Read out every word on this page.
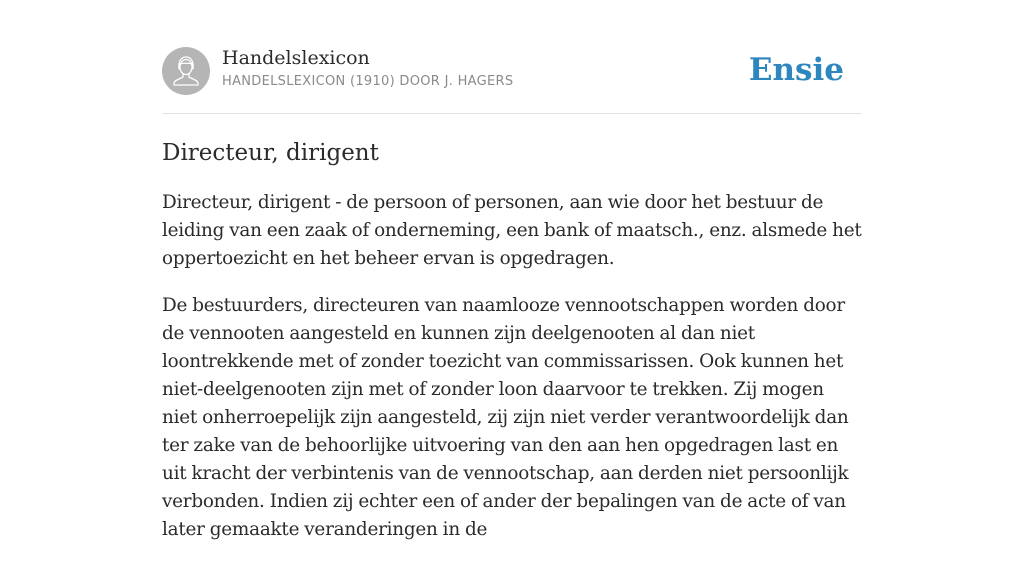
Handelslexicon
HANDELSLEXICON (1910) DOOR J. HAGERS	Ensie
Directeur, dirigent

Directeur, dirigent - de persoon of personen, aan wie door het bestuur de leiding van een zaak of onderneming, een bank of maatsch., enz. alsmede het oppertoezicht en het beheer ervan is opgedragen.

De bestuurders, directeuren van naamlooze vennootschappen worden door de vennooten aangesteld en kunnen zijn deelgenooten al dan niet loontrekkende met of zonder toezicht van commissarissen. Ook kunnen het niet-deelgenooten zijn met of zonder loon daarvoor te trekken. Zij mogen niet onherroepelijk zijn aangesteld, zij zijn niet verder verantwoordelijk dan ter zake van de behoorlijke uitvoering van den aan hen opgedragen last en uit kracht der verbintenis van de vennootschap, aan derden niet persoonlijk verbonden. Indien zij echter een of ander der bepalingen van de acte of van later gemaakte veranderingen in de
